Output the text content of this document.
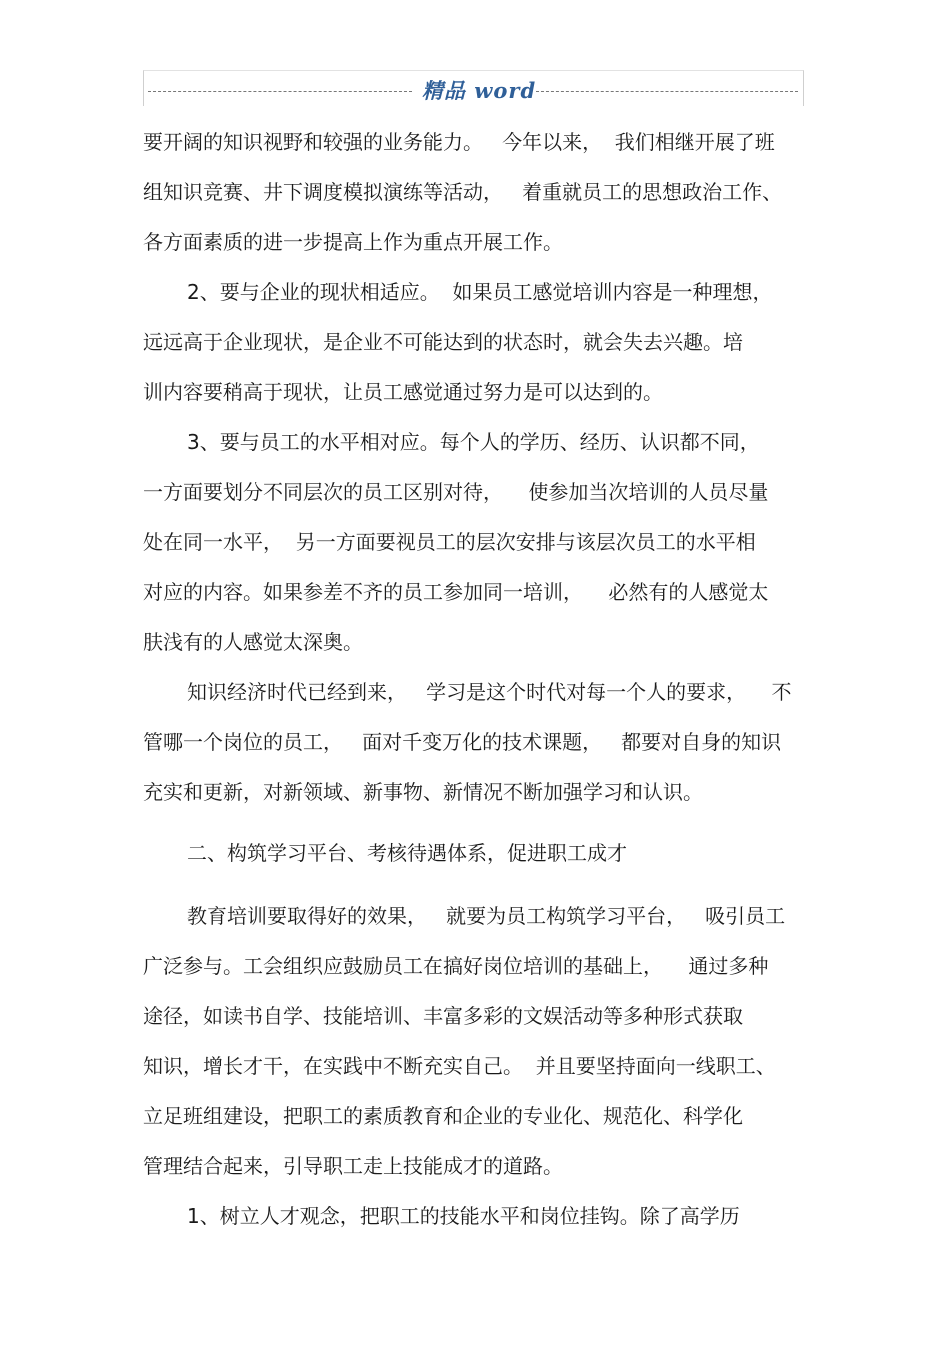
精品 word
要开阔的知识视野和较强的业务能力。   今年以来，  我们相继开展了班
组知识竞赛、井下调度模拟演练等活动，   着重就员工的思想政治工作、
各方面素质的进一步提高上作为重点开展工作。
2、要与企业的现状相适应。  如果员工感觉培训内容是一种理想，
远远高于企业现状，是企业不可能达到的状态时，就会失去兴趣。培
训内容要稍高于现状，让员工感觉通过努力是可以达到的。
3、要与员工的水平相对应。每个人的学历、经历、认识都不同，
一方面要划分不同层次的员工区别对待，    使参加当次培训的人员尽量
处在同一水平，  另一方面要视员工的层次安排与该层次员工的水平相
对应的内容。如果参差不齐的员工参加同一培训，    必然有的人感觉太
肤浅有的人感觉太深奥。
知识经济时代已经到来，   学习是这个时代对每一个人的要求，    不
管哪一个岗位的员工，   面对千变万化的技术课题，   都要对自身的知识
充实和更新，对新领域、新事物、新情况不断加强学习和认识。
二、构筑学习平台、考核待遇体系，促进职工成才
教育培训要取得好的效果，   就要为员工构筑学习平台，   吸引员工
广泛参与。工会组织应鼓励员工在搞好岗位培训的基础上，    通过多种
途径，如读书自学、技能培训、丰富多彩的文娱活动等多种形式获取
知识，增长才干，在实践中不断充实自己。  并且要坚持面向一线职工、
立足班组建设，把职工的素质教育和企业的专业化、规范化、科学化
管理结合起来，引导职工走上技能成才的道路。
1、树立人才观念，把职工的技能水平和岗位挂钩。除了高学历
